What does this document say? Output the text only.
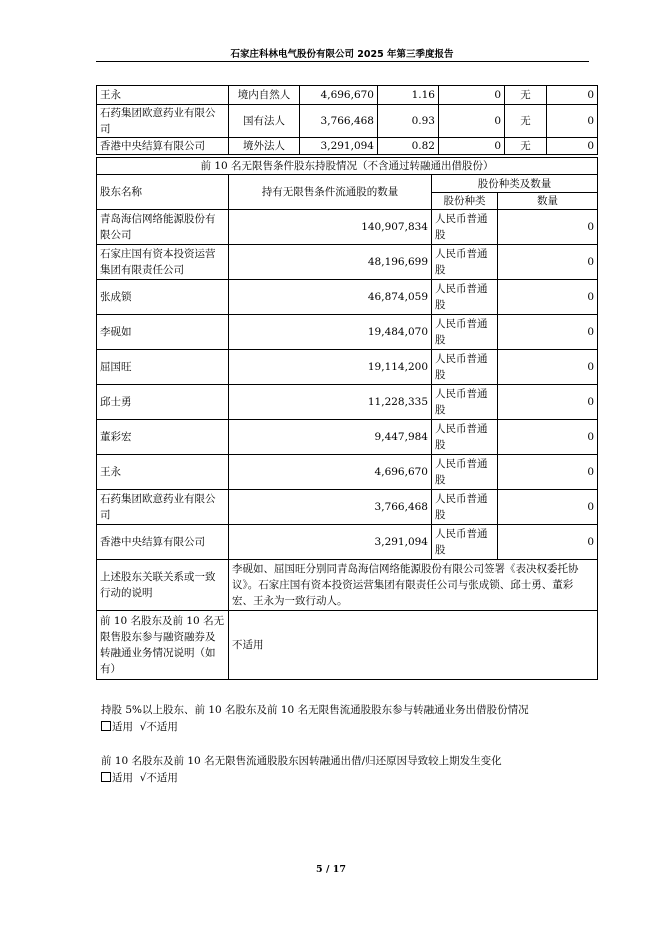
石家庄科林电气股份有限公司 2025 年第三季度报告
王永	境内自然人	4,696,670	1.16	0	无	0
石药集团欧意药业有限公司	国有法人	3,766,468	0.93	0	无	0
香港中央结算有限公司	境外法人	3,291,094	0.82	0	无	0
前 10 名无限售条件股东持股情况（不含通过转融通出借股份）			
股东名称	持有无限售条件流通股的数量	股份种类及数量	
		股份种类	数量
青岛海信网络能源股份有限公司	140,907,834	人民币普通股	0
石家庄国有资本投资运营集团有限责任公司	48,196,699	人民币普通股	0
张成锁	46,874,059	人民币普通股	0
李砚如	19,484,070	人民币普通股	0
屈国旺	19,114,200	人民币普通股	0
邱士勇	11,228,335	人民币普通股	0
董彩宏	9,447,984	人民币普通股	0
王永	4,696,670	人民币普通股	0
石药集团欧意药业有限公司	3,766,468	人民币普通股	0
香港中央结算有限公司	3,291,094	人民币普通股	0
上述股东关联关系或一致行动的说明	李砚如、屈国旺分别同青岛海信网络能源股份有限公司签署《表决权委托协议》。石家庄国有资本投资运营集团有限责任公司与张成锁、邱士勇、董彩宏、王永为一致行动人。		
前 10 名股东及前 10 名无限售股东参与融资融券及转融通业务情况说明（如有）	不适用		
持股 5%以上股东、前 10 名股东及前 10 名无限售流通股股东参与转融通业务出借股份情况
适用 √不适用
前 10 名股东及前 10 名无限售流通股股东因转融通出借/归还原因导致较上期发生变化
适用 √不适用
5 / 17
